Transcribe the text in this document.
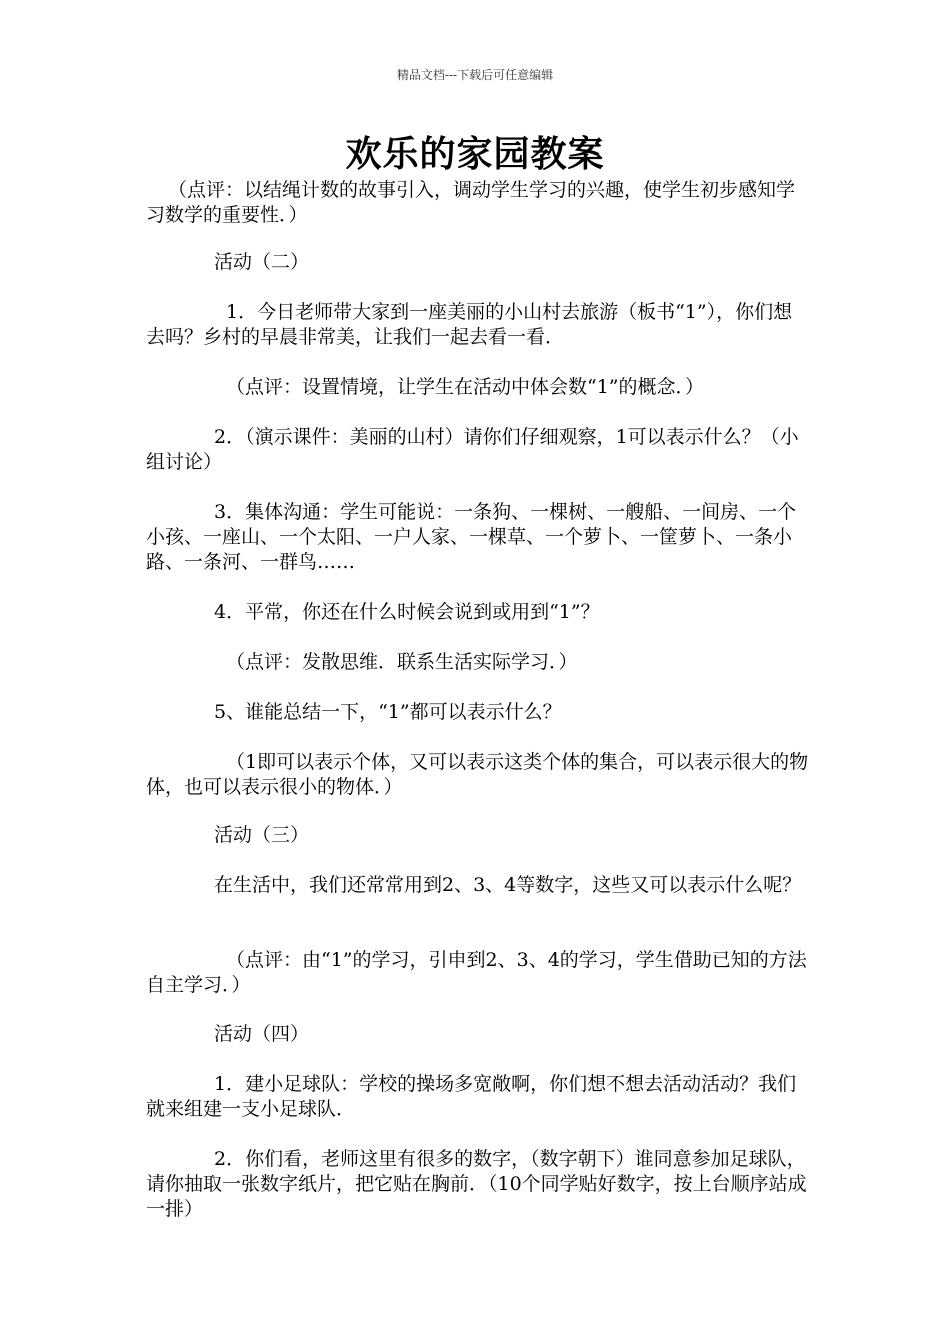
精品文档---下载后可任意编辑
欢乐的家园教案

（点评：以结绳计数的故事引入，调动学生学习的兴趣，使学生初步感知学习数学的重要性．）

活动（二）

1．今日老师带大家到一座美丽的小山村去旅游（板书“1”），你们想去吗？乡村的早晨非常美，让我们一起去看一看．

（点评：设置情境，让学生在活动中体会数“1”的概念．）

2．（演示课件：美丽的山村）请你们仔细观察，1可以表示什么？（小组讨论）

3．集体沟通：学生可能说：一条狗、一棵树、一艘船、一间房、一个小孩、一座山、一个太阳、一户人家、一棵草、一个萝卜、一筐萝卜、一条小路、一条河、一群鸟……

4．平常，你还在什么时候会说到或用到“1”？

（点评：发散思维．联系生活实际学习．）

5、谁能总结一下，“1”都可以表示什么？

（1即可以表示个体，又可以表示这类个体的集合，可以表示很大的物体，也可以表示很小的物体．）

活动（三）

在生活中，我们还常常用到2、3、4等数字，这些又可以表示什么呢？

（点评：由“1”的学习，引申到2、3、4的学习，学生借助已知的方法自主学习．）

活动（四）

1．建小足球队：学校的操场多宽敞啊，你们想不想去活动活动？我们就来组建一支小足球队．

2．你们看，老师这里有很多的数字，（数字朝下）谁同意参加足球队，请你抽取一张数字纸片，把它贴在胸前．（10个同学贴好数字，按上台顺序站成一排）
